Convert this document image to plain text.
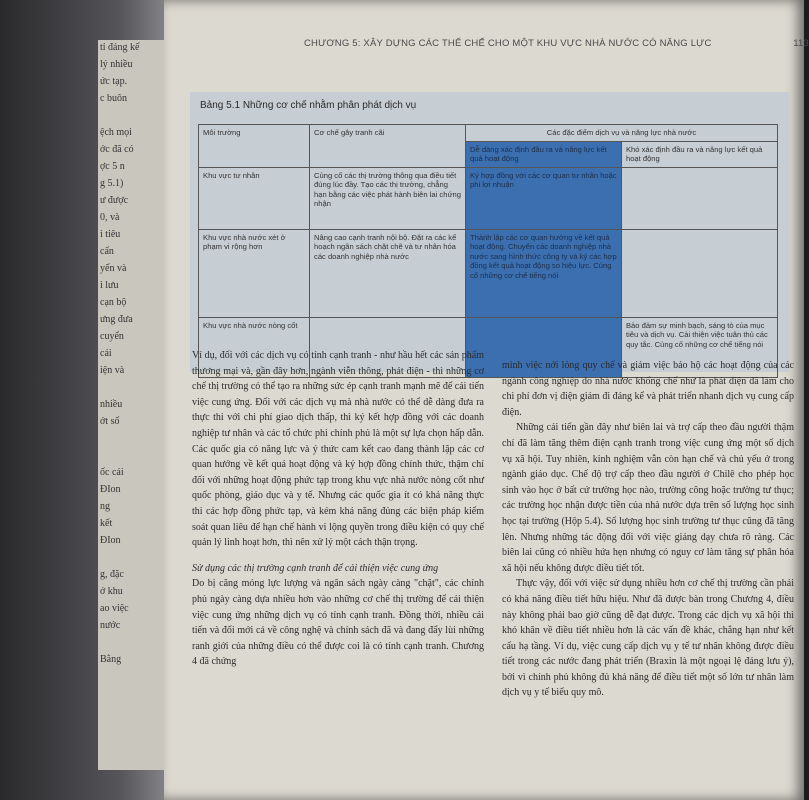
tỉ đáng kể

lý nhiều

ức tạp.

c buôn

ệch mọi

ớc đã có

ợc 5 n

g 5.1)

ư được

0, và

i tiêu

cấn

yến và

i lưu

cạn bộ

ưng đưa

cuyển

cải

iện và

nhiều

ớt số

ốc cải

ĐIon

ng

kết

ĐIon

g, đặc

ở khu

ao việc

nước

Bằng

CHƯƠNG 5: XÂY DỰNG CÁC THỂ CHẾ CHO MỘT KHU VỰC NHÀ NƯỚC CÓ NĂNG LỰC	113
Bảng 5.1 Những cơ chế nhằm phân phát dịch vụ
Môi trường	Cơ chế gây tranh cãi	Các đặc điểm dịch vụ và năng lực nhà nước	
		Dễ dàng xác định đầu ra và năng lực kết quả hoạt động	Khó xác định đầu ra và năng lực kết quả hoạt động
Khu vực tư nhân	Củng cố các thị trường thông qua điều tiết đúng lúc đầy. Tạo các thị trường, chẳng hạn bằng các việc phát hành biên lai chứng nhận	Ký hợp đồng với các cơ quan tư nhân hoặc phi lợi nhuận	
Khu vực nhà nước xét ở phạm vi rộng hơn	Nâng cao cạnh tranh nội bộ. Đặt ra các kế hoạch ngân sách chặt chẽ và tư nhân hóa các doanh nghiệp nhà nước	Thành lập các cơ quan hướng về kết quả hoạt động. Chuyển các doanh nghiệp nhà nước sang hình thức công ty và ký các hợp đồng kết quả hoạt động so hiệu lực. Củng cố những cơ chế tiếng nói	
Khu vực nhà nước nòng cốt			Bảo đảm sự minh bạch, sáng tỏ của mục tiêu và dịch vụ. Cải thiện việc tuân thủ các quy tắc. Củng cố những cơ chế tiếng nói

Ví dụ, đối với các dịch vụ có tính cạnh tranh - như hầu hết các sản phẩm thương mại và, gần đây hơn, ngành viễn thông, phát điện - thì những cơ chế thị trường có thể tạo ra những sức ép cạnh tranh mạnh mẽ để cải tiến việc cung ứng. Đối với các dịch vụ mà nhà nước có thể dễ dàng đưa ra thực thi với chi phí giao dịch thấp, thì ký kết hợp đồng với các doanh nghiệp tư nhân và các tổ chức phi chính phủ là một sự lựa chọn hấp dẫn. Các quốc gia có năng lực và ý thức cam kết cao đang thành lập các cơ quan hướng về kết quả hoạt động và ký hợp đồng chính thức, thậm chí đối với những hoạt động phức tạp trong khu vực nhà nước nòng cốt như quốc phòng, giáo dục và y tế. Nhưng các quốc gia ít có khả năng thực thi các hợp đồng phức tạp, và kém khả năng đủng các biện pháp kiểm soát quan liêu để hạn chế hành vi lộng quyền trong điều kiện có quy chế quản lý linh hoạt hơn, thì nên xử lý một cách thận trọng.

Sử dụng các thị trường cạnh tranh để cải thiện việc cung ứng

Do bị căng mỏng lực lượng và ngân sách ngày càng "chặt", các chính phủ ngày càng dựa nhiều hơn vào những cơ chế thị trường để cải thiện việc cung ứng những dịch vụ có tính cạnh tranh. Đồng thời, nhiều cải tiến và đổi mới cả về công nghệ và chính sách đã và đang đẩy lùi những ranh giới của những điều có thể được coi là có tính cạnh tranh. Chương 4 đã chứng

minh việc nới lỏng quy chế và giảm việc bảo hộ các hoạt động của các ngành công nghiệp do nhà nước khống chế như là phát điện đã làm cho chi phí đơn vị điện giảm đi đáng kể và phát triển nhanh dịch vụ cung cấp điện.

Những cải tiến gần đây như biên lai và trợ cấp theo đầu người thậm chí đã làm tăng thêm điện cạnh tranh trong việc cung ứng một số dịch vụ xã hội. Tuy nhiên, kinh nghiệm vẫn còn hạn chế và chủ yếu ở trong ngành giáo dục. Chế độ trợ cấp theo đầu người ở Chilê cho phép học sinh vào học ở bất cứ trường học nào, trường công hoặc trường tư thục; các trường học nhận được tiền của nhà nước dựa trên số lượng học sinh học tại trường (Hộp 5.4). Số lượng học sinh trường tư thục cũng đã tăng lên. Nhưng những tác động đối với việc giảng dạy chưa rõ ràng. Các biên lai cũng có nhiều hứa hẹn nhưng có nguy cơ làm tăng sự phân hóa xã hội nếu không được điều tiết tốt.

Thực vậy, đối với việc sử dụng nhiều hơn cơ chế thị trường cần phải có khả năng điều tiết hữu hiệu. Như đã được bàn trong Chương 4, điều này không phải bao giờ cũng dễ đạt được. Trong các dịch vụ xã hội thì khó khăn về điều tiết nhiều hơn là các vấn đề khác, chẳng hạn như kết cấu hạ tầng. Ví dụ, việc cung cấp dịch vụ y tế tư nhân không được điều tiết trong các nước đang phát triển (Braxin là một ngoại lệ đáng lưu ý), bởi vì chính phủ không đủ khả năng để điều tiết một số lớn tư nhân làm dịch vụ y tế biểu quy mô.
